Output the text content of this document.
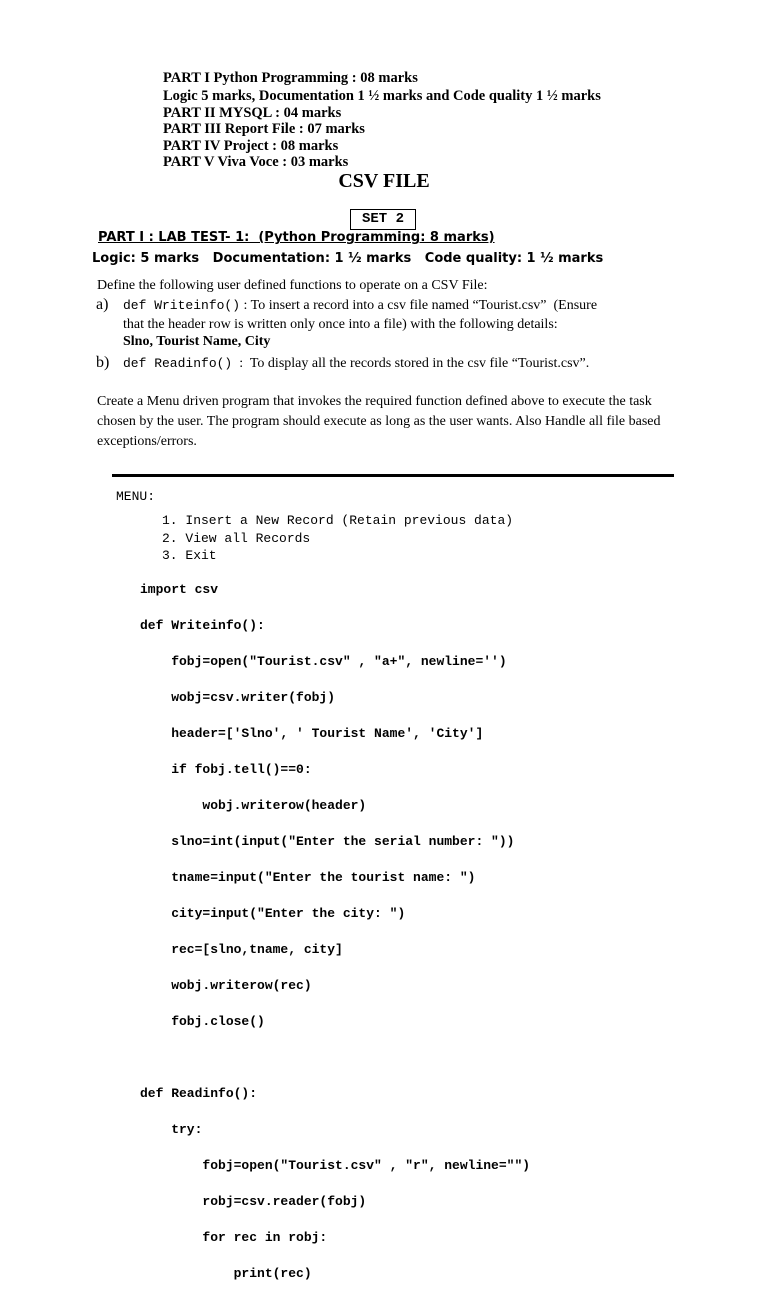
PART I Python Programming : 08 marks
Logic 5 marks, Documentation 1 ½ marks and Code quality 1 ½ marks
PART II MYSQL : 04 marks
PART III Report File : 07 marks
PART IV Project : 08 marks
PART V Viva Voce : 03 marks
CSV FILE
SET 2
PART I : LAB TEST- 1:  (Python Programming: 8 marks)
Logic: 5 marks   Documentation: 1 ½ marks   Code quality: 1 ½ marks
Define the following user defined functions to operate on a CSV File:
a) def Writeinfo() : To insert a record into a csv file named “Tourist.csv”  (Ensure
that the header row is written only once into a file) with the following details:
Slno, Tourist Name, City
b) def Readinfo()  :  To display all the records stored in the csv file “Tourist.csv”.
Create a Menu driven program that invokes the required function defined above to execute the task chosen by the user. The program should execute as long as the user wants. Also Handle all file based exceptions/errors.
MENU:
1. Insert a New Record (Retain previous data)
2. View all Records
3. Exit

import csv

def Writeinfo():

fobj=open("Tourist.csv" , "a+", newline='')

wobj=csv.writer(fobj)

header=['Slno', ' Tourist Name', 'City']

if fobj.tell()==0:

wobj.writerow(header)

slno=int(input("Enter the serial number: "))

tname=input("Enter the tourist name: ")

city=input("Enter the city: ")

rec=[slno,tname, city]

wobj.writerow(rec)

fobj.close()

def Readinfo():

try:

fobj=open("Tourist.csv" , "r", newline="")

robj=csv.reader(fobj)

for rec in robj:

print(rec)
